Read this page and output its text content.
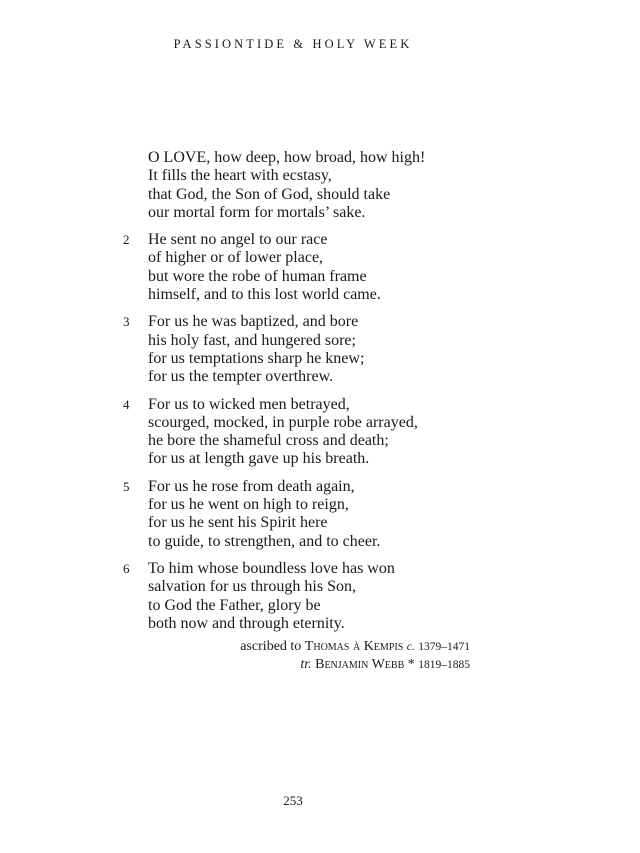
PASSIONTIDE & HOLY WEEK
O LOVE, how deep, how broad, how high!
It fills the heart with ecstasy,
that God, the Son of God, should take
our mortal form for mortals’ sake.
2 He sent no angel to our race
of higher or of lower place,
but wore the robe of human frame
himself, and to this lost world came.
3 For us he was baptized, and bore
his holy fast, and hungered sore;
for us temptations sharp he knew;
for us the tempter overthrew.
4 For us to wicked men betrayed,
scourged, mocked, in purple robe arrayed,
he bore the shameful cross and death;
for us at length gave up his breath.
5 For us he rose from death again,
for us he went on high to reign,
for us he sent his Spirit here
to guide, to strengthen, and to cheer.
6 To him whose boundless love has won
salvation for us through his Son,
to God the Father, glory be
both now and through eternity.
ascribed to Thomas à Kempis c. 1379–1471
tr. Benjamin Webb * 1819–1885
253
